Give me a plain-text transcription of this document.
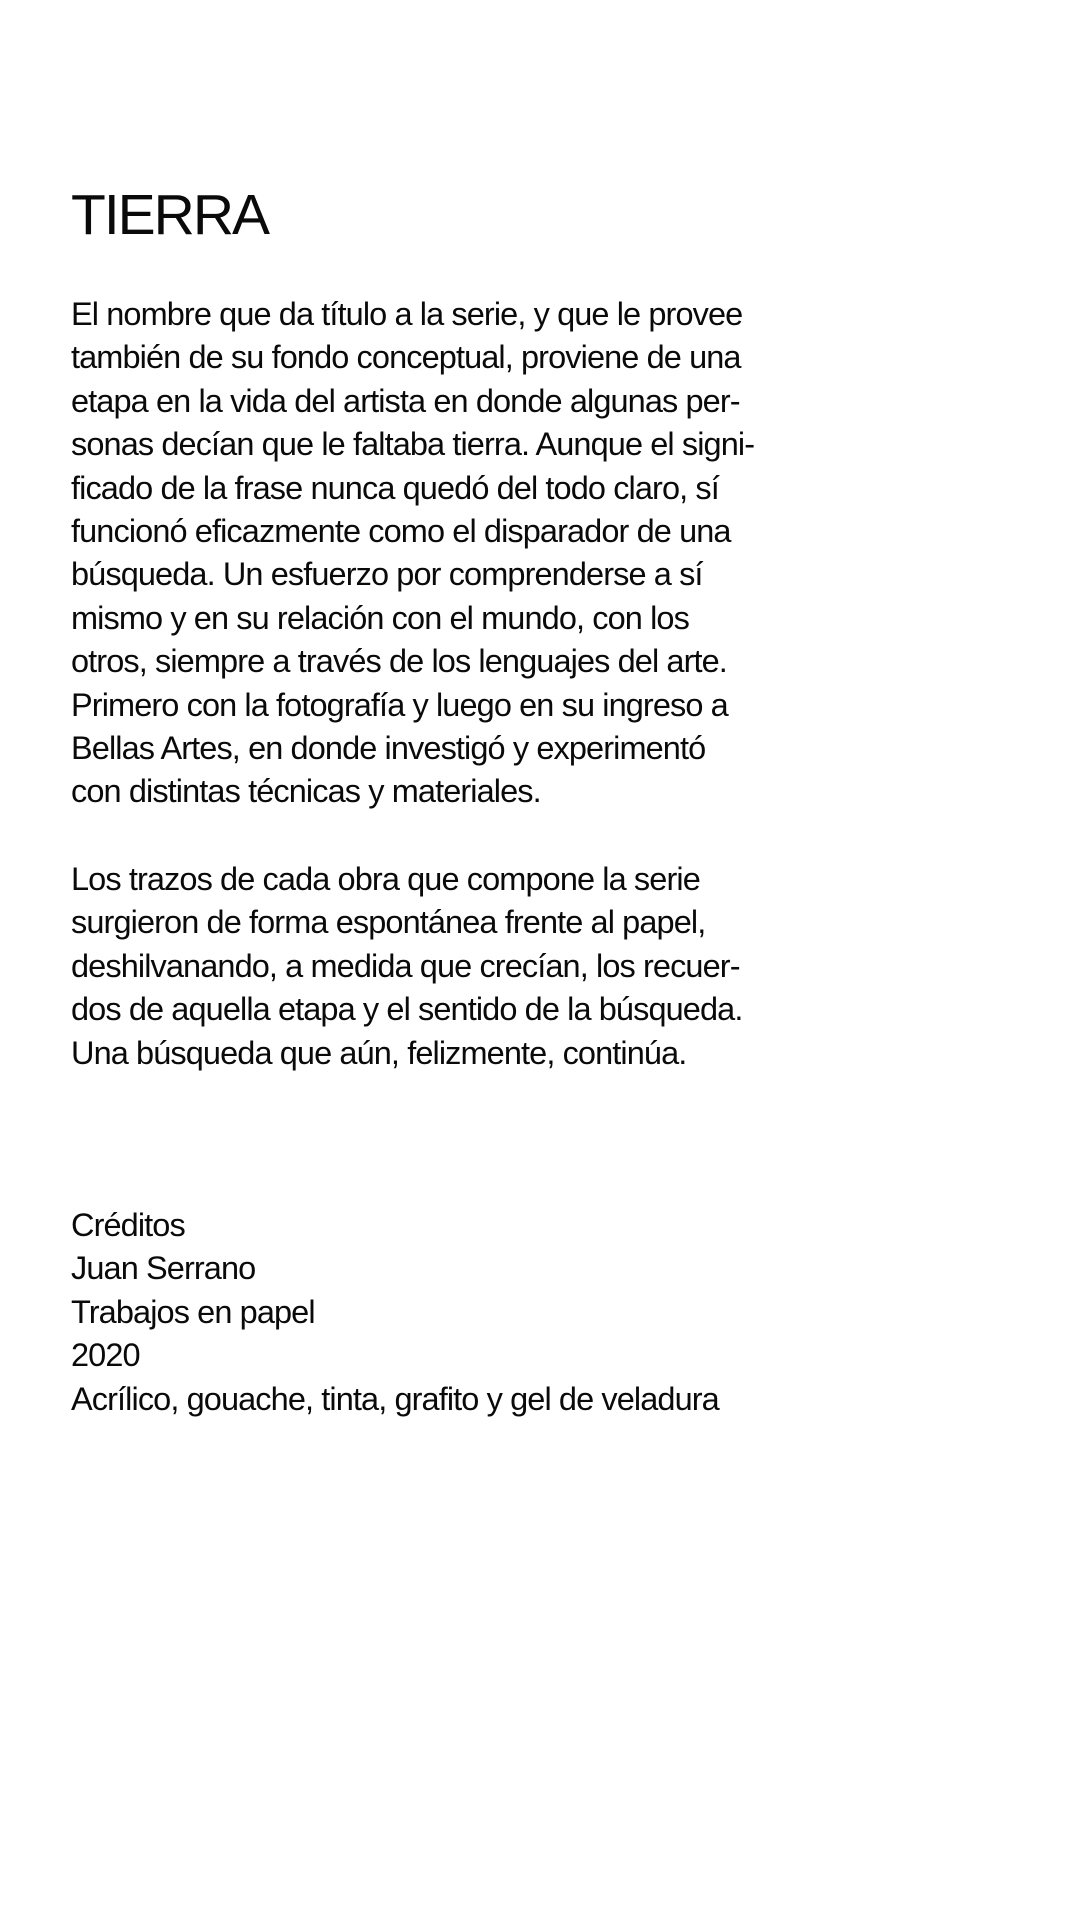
TIERRA
El nombre que da título a la serie, y que le provee
también de su fondo conceptual, proviene de una
etapa en la vida del artista en donde algunas per-
sonas decían que le faltaba tierra. Aunque el signi-
ficado de la frase nunca quedó del todo claro, sí
funcionó eficazmente como el disparador de una
búsqueda. Un esfuerzo por comprenderse a sí
mismo y en su relación con el mundo, con los
otros, siempre a través de los lenguajes del arte.
Primero con la fotografía y luego en su ingreso a
Bellas Artes, en donde investigó y experimentó
con distintas técnicas y materiales.
Los trazos de cada obra que compone la serie
surgieron de forma espontánea frente al papel,
deshilvanando, a medida que crecían, los recuer-
dos de aquella etapa y el sentido de la búsqueda.
Una búsqueda que aún, felizmente, continúa.
Créditos
Juan Serrano
Trabajos en papel
2020
Acrílico, gouache, tinta, grafito y gel de veladura
